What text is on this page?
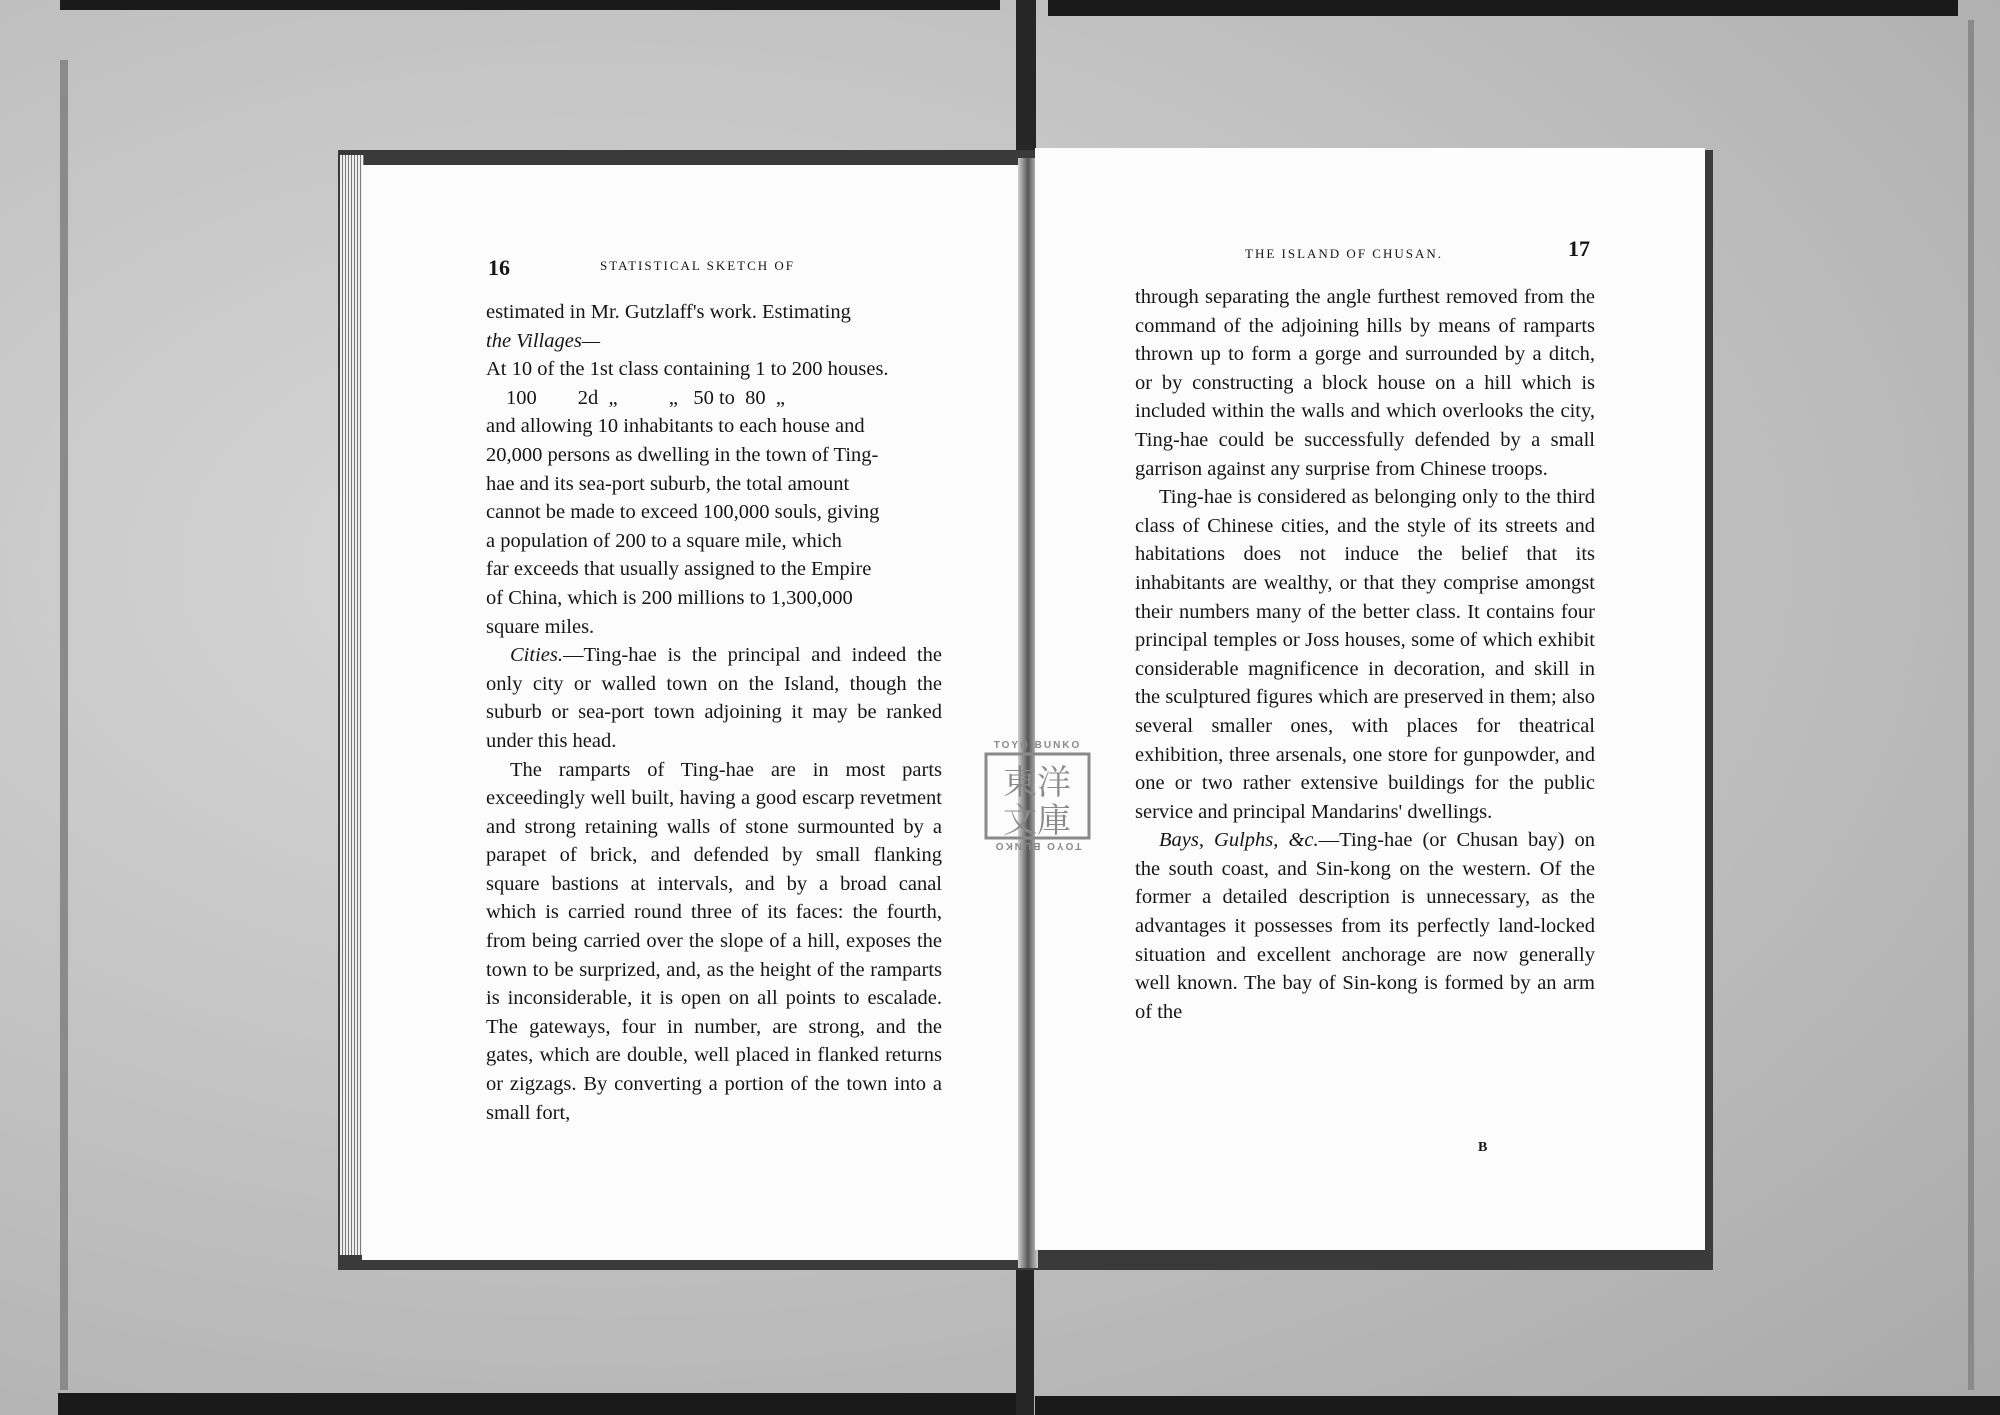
16	STATISTICAL SKETCH OF
estimated in Mr. Gutzlaff's work. Estimating
the Villages—
At 10 of the 1st class containing 1 to 200 houses.
100        2d  „          „   50 to  80  „
and allowing 10 inhabitants to each house and
20,000 persons as dwelling in the town of Ting-
hae and its sea-port suburb, the total amount
cannot be made to exceed 100,000 souls, giving
a population of 200 to a square mile, which
far exceeds that usually assigned to the Empire
of China, which is 200 millions to 1,300,000
square miles.

Cities.—Ting-hae is the principal and indeed the only city or walled town on the Island, though the suburb or sea-port town adjoining it may be ranked under this head.

The ramparts of Ting-hae are in most parts exceedingly well built, having a good escarp revetment and strong retaining walls of stone surmounted by a parapet of brick, and defended by small flanking square bastions at intervals, and by a broad canal which is carried round three of its faces: the fourth, from being carried over the slope of a hill, exposes the town to be surprized, and, as the height of the ramparts is inconsiderable, it is open on all points to escalade. The gateways, four in number, are strong, and the gates, which are double, well placed in flanked returns or zigzags. By converting a portion of the town into a small fort,

THE ISLAND OF CHUSAN.	17

through separating the angle furthest removed from the command of the adjoining hills by means of ramparts thrown up to form a gorge and surrounded by a ditch, or by constructing a block house on a hill which is included within the walls and which overlooks the city, Ting-hae could be successfully defended by a small garrison against any surprise from Chinese troops.

Ting-hae is considered as belonging only to the third class of Chinese cities, and the style of its streets and habitations does not induce the belief that its inhabitants are wealthy, or that they comprise amongst their numbers many of the better class. It contains four principal temples or Joss houses, some of which exhibit considerable magnificence in decoration, and skill in the sculptured figures which are preserved in them; also several smaller ones, with places for theatrical exhibition, three arsenals, one store for gunpowder, and one or two rather extensive buildings for the public service and principal Mandarins' dwellings.

Bays, Gulphs, &c.—Ting-hae (or Chusan bay) on the south coast, and Sin-kong on the western. Of the former a detailed description is unnecessary, as the advantages it possesses from its perfectly land-locked situation and excellent anchorage are now generally well known. The bay of Sin-kong is formed by an arm of the

B
TOYO BUNKO
東洋
文庫
TOYO BUNKO
